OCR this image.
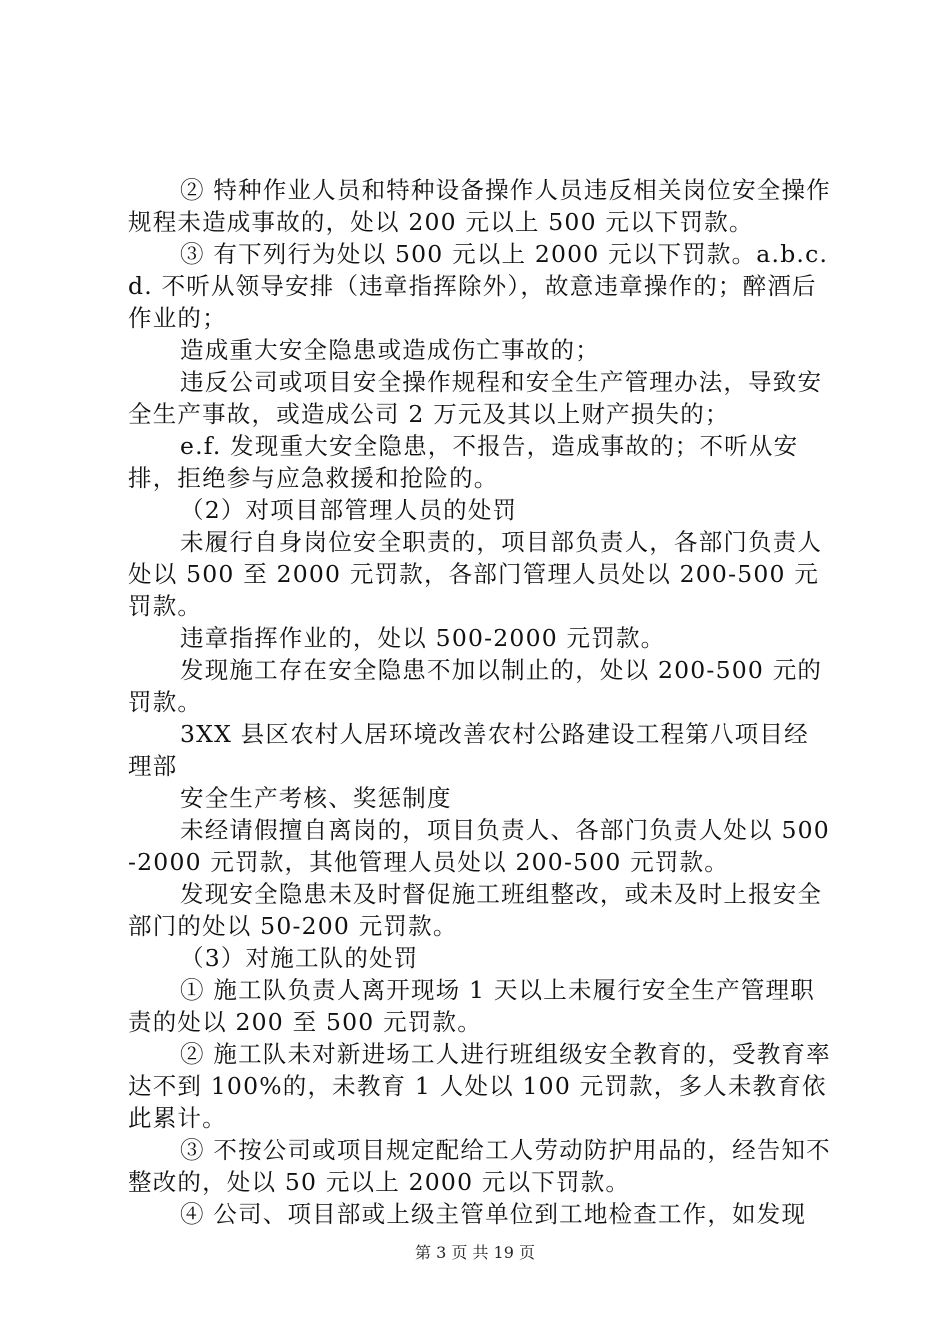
② 特种作业人员和特种设备操作人员违反相关岗位安全操作规程未造成事故的，处以 200 元以上 500 元以下罚款。

③ 有下列行为处以 500 元以上 2000 元以下罚款。a.b.c.d. 不听从领导安排（违章指挥除外），故意违章操作的；醉酒后作业的；

造成重大安全隐患或造成伤亡事故的；

违反公司或项目安全操作规程和安全生产管理办法，导致安全生产事故，或造成公司 2 万元及其以上财产损失的；

e.f. 发现重大安全隐患，不报告，造成事故的；不听从安排，拒绝参与应急救援和抢险的。

（2）对项目部管理人员的处罚

未履行自身岗位安全职责的，项目部负责人，各部门负责人处以 500 至 2000 元罚款，各部门管理人员处以 200-500 元罚款。

违章指挥作业的，处以 500-2000 元罚款。

发现施工存在安全隐患不加以制止的，处以 200-500 元的罚款。

3XX 县区农村人居环境改善农村公路建设工程第八项目经理部

安全生产考核、奖惩制度

未经请假擅自离岗的，项目负责人、各部门负责人处以 500-2000 元罚款，其他管理人员处以 200-500 元罚款。

发现安全隐患未及时督促施工班组整改，或未及时上报安全部门的处以 50-200 元罚款。

（3）对施工队的处罚

① 施工队负责人离开现场 1 天以上未履行安全生产管理职责的处以 200 至 500 元罚款。

② 施工队未对新进场工人进行班组级安全教育的，受教育率达不到 100%的，未教育 1 人处以 100 元罚款，多人未教育依此累计。

③ 不按公司或项目规定配给工人劳动防护用品的，经告知不整改的，处以 50 元以上 2000 元以下罚款。

④ 公司、项目部或上级主管单位到工地检查工作，如发现

第 3 页 共 19 页
